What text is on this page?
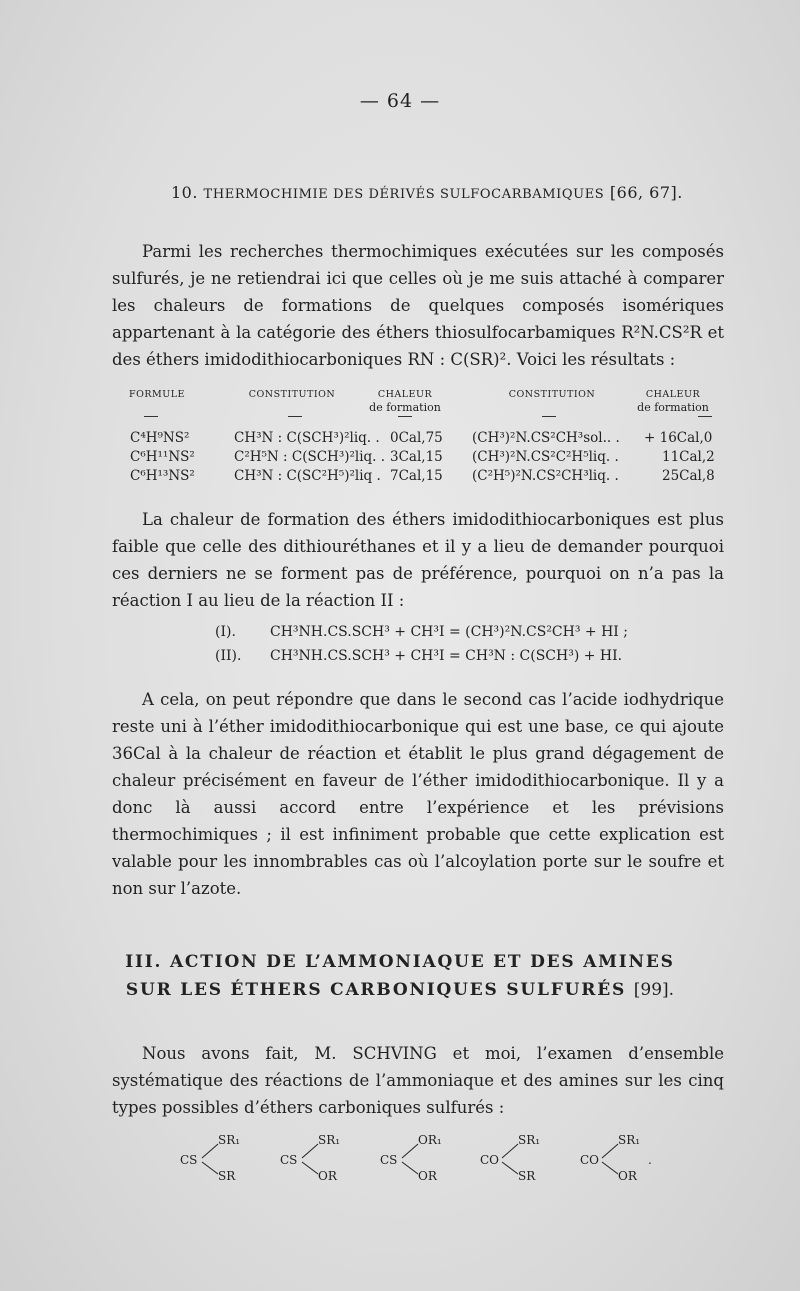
— 64 —
10. THERMOCHIMIE DES DÉRIVÉS SULFOCARBAMIQUES [66, 67].

Parmi les recherches thermochimiques exécutées sur les composés sulfurés, je ne retiendrai ici que celles où je me suis attaché à comparer les chaleurs de formations de quelques composés isomériques appartenant à la catégorie des éthers thiosulfocarbamiques R²N.CS²R et des éthers imidodithiocarboniques RN : C(SR)². Voici les résultats :

FORMULE	CONSTITUTION	CHALEUR
de formation
CONSTITUTION	CHALEUR
de formation
C⁴H⁹NS²	CH³N : C(SCH³)²liq. . 0Cal,75 (CH³)²N.CS²CH³sol.. . + 16Cal,0
C⁶H¹¹NS²	C²H⁵N : C(SCH³)²liq. . 3Cal,15 (CH³)²N.CS²C²H⁵liq. .	11Cal,2
C⁶H¹³NS²	CH³N : C(SC²H⁵)²liq . 7Cal,15 (C²H⁵)²N.CS²CH³liq. .	25Cal,8

La chaleur de formation des éthers imidodithiocarboniques est plus faible que celle des dithiouréthanes et il y a lieu de demander pourquoi ces derniers ne se forment pas de préférence, pourquoi on n’a pas la réaction I au lieu de la réaction II :

(I). CH³NH.CS.SCH³ + CH³I = (CH³)²N.CS²CH³ + HI ;
(II). CH³NH.CS.SCH³ + CH³I = CH³N : C(SCH³) + HI.

A cela, on peut répondre que dans le second cas l’acide iodhydrique reste uni à l’éther imidodithiocarbonique qui est une base, ce qui ajoute 36Cal à la chaleur de réaction et établit le plus grand dégagement de chaleur précisément en faveur de l’éther imidodithiocarbonique. Il y a donc là aussi accord entre l’expérience et les prévisions thermochimiques ; il est infiniment probable que cette explication est valable pour les innombrables cas où l’alcoylation porte sur le soufre et non sur l’azote.

III. ACTION DE L’AMMONIAQUE ET DES AMINES
SUR LES ÉTHERS CARBONIQUES SULFURÉS [99].

Nous avons fait, M. SCHVING et moi, l’examen d’ensemble systématique des réactions de l’ammoniaque et des amines sur les cinq types possibles d’éthers carboniques sulfurés :

CS
SR₁
SR
CS
SR₁
OR
CS
OR₁
OR
CO
SR₁
SR
CO
SR₁
OR
.
